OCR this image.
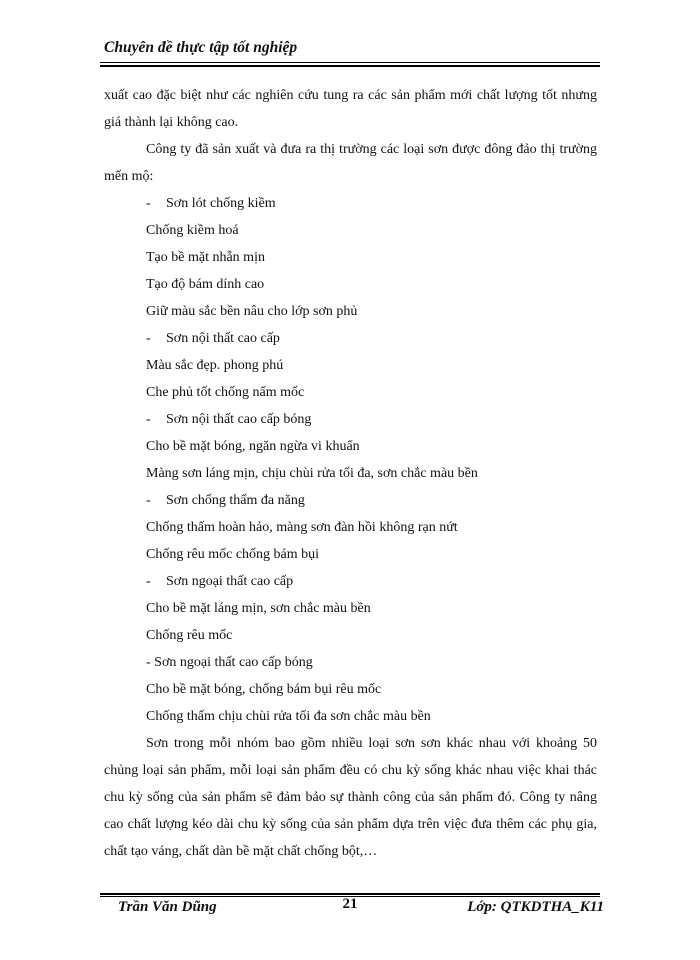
Chuyên đề thực tập tốt nghiệp

xuất cao đặc biệt như các nghiên cứu tung ra các sản phẩm mới chất lượng tốt nhưng giá thành lại không cao.

Công ty đã sản xuất và đưa ra thị trường các loại sơn được đông đảo thị trường mến mộ:

- Sơn lót chống kiềm

Chống kiềm hoá

Tạo bề mặt nhẵn mịn

Tạo độ bám dính cao

Giữ màu sắc bền nâu cho lớp sơn phủ

- Sơn nội thất cao cấp

Màu sắc đẹp. phong phú

Che phủ tốt chống nấm mốc

- Sơn nội thất cao cấp bóng

Cho bề mặt bóng, ngăn ngừa vi khuẩn

Màng sơn láng mịn, chịu chùi rửa tối đa, sơn chắc màu bền

- Sơn chống thấm đa năng

Chống thấm hoàn hảo, màng sơn đàn hồi không rạn nứt

Chống rêu mốc chống bám bụi

- Sơn ngoại thất cao cấp

Cho bề mặt láng mịn, sơn chắc màu bền

Chống rêu mốc

- Sơn ngoại thất cao cấp bóng

Cho bề mặt bóng, chống bám bụi rêu mốc

Chống thấm chịu chùi rửa tối đa sơn chắc màu bền

Sơn trong mỗi nhóm bao gồm nhiều loại sơn sơn khác nhau với khoảng 50 chủng loại sản phẩm, mỗi loại sản phẩm đều có chu kỳ sống khác nhau việc khai thác chu kỳ sống của sản phẩm sẽ đảm bảo sự thành công của sản phẩm đó. Công ty nâng cao chất lượng kéo dài chu kỳ sống của sản phẩm dựa trên việc đưa thêm các phụ gia, chất tạo váng, chất dàn bề mặt chất chống bột,…

Trần Văn Dũng	21	Lớp: QTKDTHA_K11
